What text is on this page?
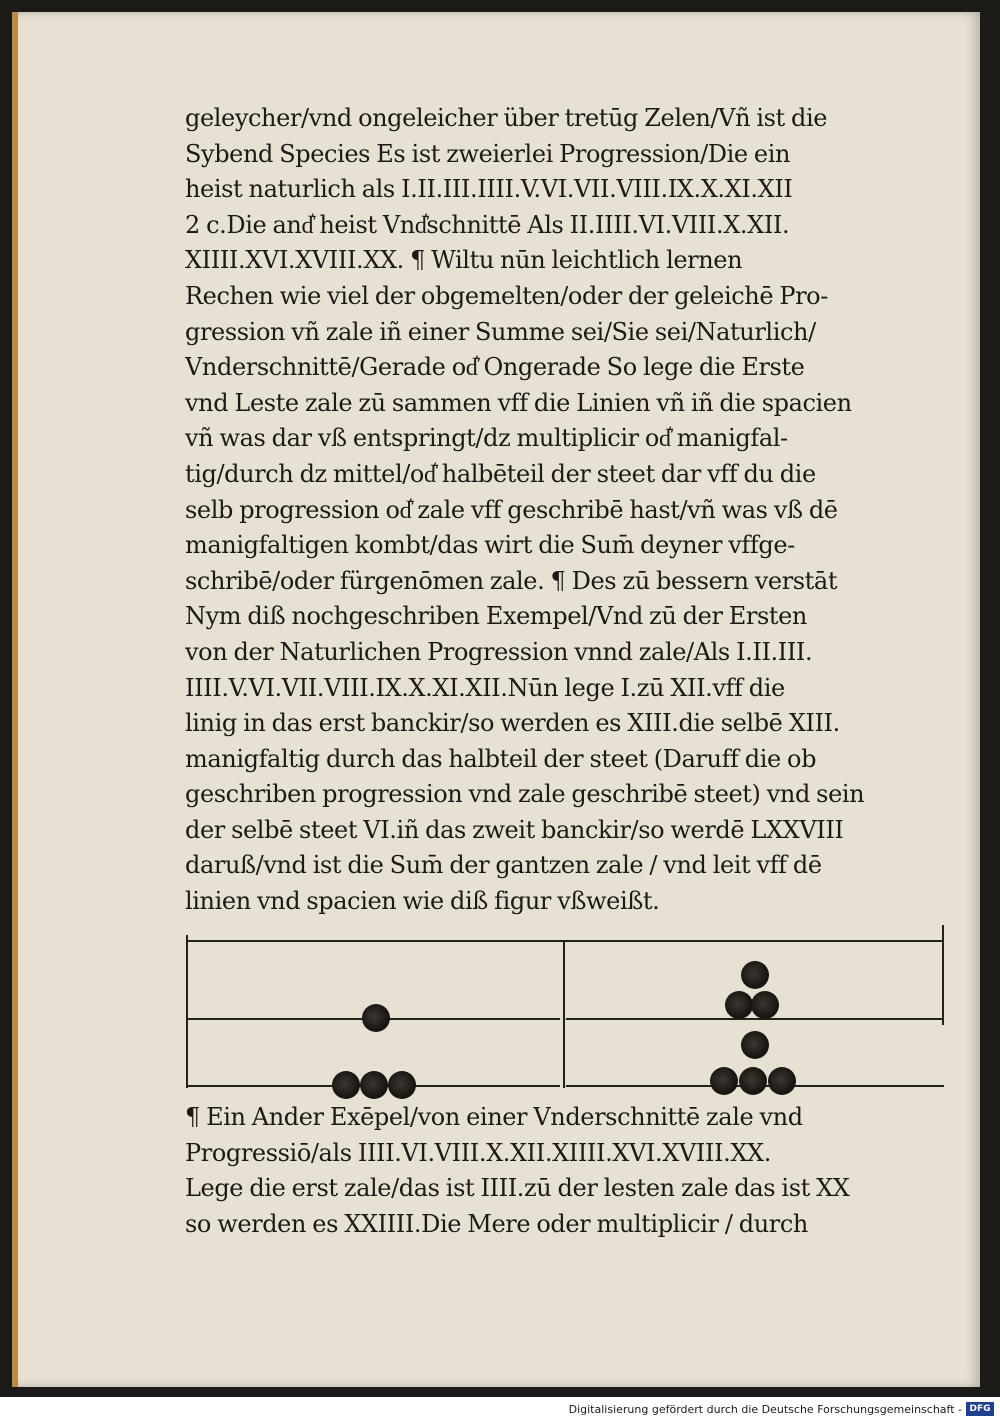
geleycher/vnd ongeleicher über tretūg Zelen/Vñ ist die
Sybend Species Es ist zweierlei Progression/Die ein
heist naturlich als I.II.III.IIII.V.VI.VII.VIII.IX.X.XI.XII
2 c.Die and͛ heist Vnd͛schnittē Als II.IIII.VI.VIII.X.XII.
XIIII.XVI.XVIII.XX. ¶ Wiltu nūn leichtlich lernen
Rechen wie viel der obgemelten/oder der geleichē Pro-
gression vñ zale iñ einer Summe sei/Sie sei/Naturlich/
Vnderschnittē/Gerade od͛ Ongerade So lege die Erste
vnd Leste zale zū sammen vff die Linien vñ iñ die spacien
vñ was dar vß entspringt/dz multiplicir od͛ manigfal-
tig/durch dz mittel/od͛ halbēteil der steet dar vff du die
selb progression od͛ zale vff geschribē hast/vñ was vß dē
manigfaltigen kombt/das wirt die Sum̄ deyner vffge-
schribē/oder fürgenōmen zale. ¶ Des zū bessern verstāt
Nym diß nochgeschriben Exempel/Vnd zū der Ersten
von der Naturlichen Progression vnnd zale/Als I.II.III.
IIII.V.VI.VII.VIII.IX.X.XI.XII.Nūn lege I.zū XII.vff die
linig in das erst banckir/so werden es XIII.die selbē XIII.
manigfaltig durch das halbteil der steet (Daruff die ob
geschriben progression vnd zale geschribē steet) vnd sein
der selbē steet VI.iñ das zweit banckir/so werdē LXXVIII
daruß/vnd ist die Sum̄ der gantzen zale / vnd leit vff dē
linien vnd spacien wie diß figur vßweißt.
¶ Ein Ander Exēpel/von einer Vnderschnittē zale vnd
Progressiō/als IIII.VI.VIII.X.XII.XIIII.XVI.XVIII.XX.
Lege die erst zale/das ist IIII.zū der lesten zale das ist XX
so werden es XXIIII.Die Mere oder multiplicir / durch
Digitalisierung gefördert durch die Deutsche Forschungsgemeinschaft - DFG
